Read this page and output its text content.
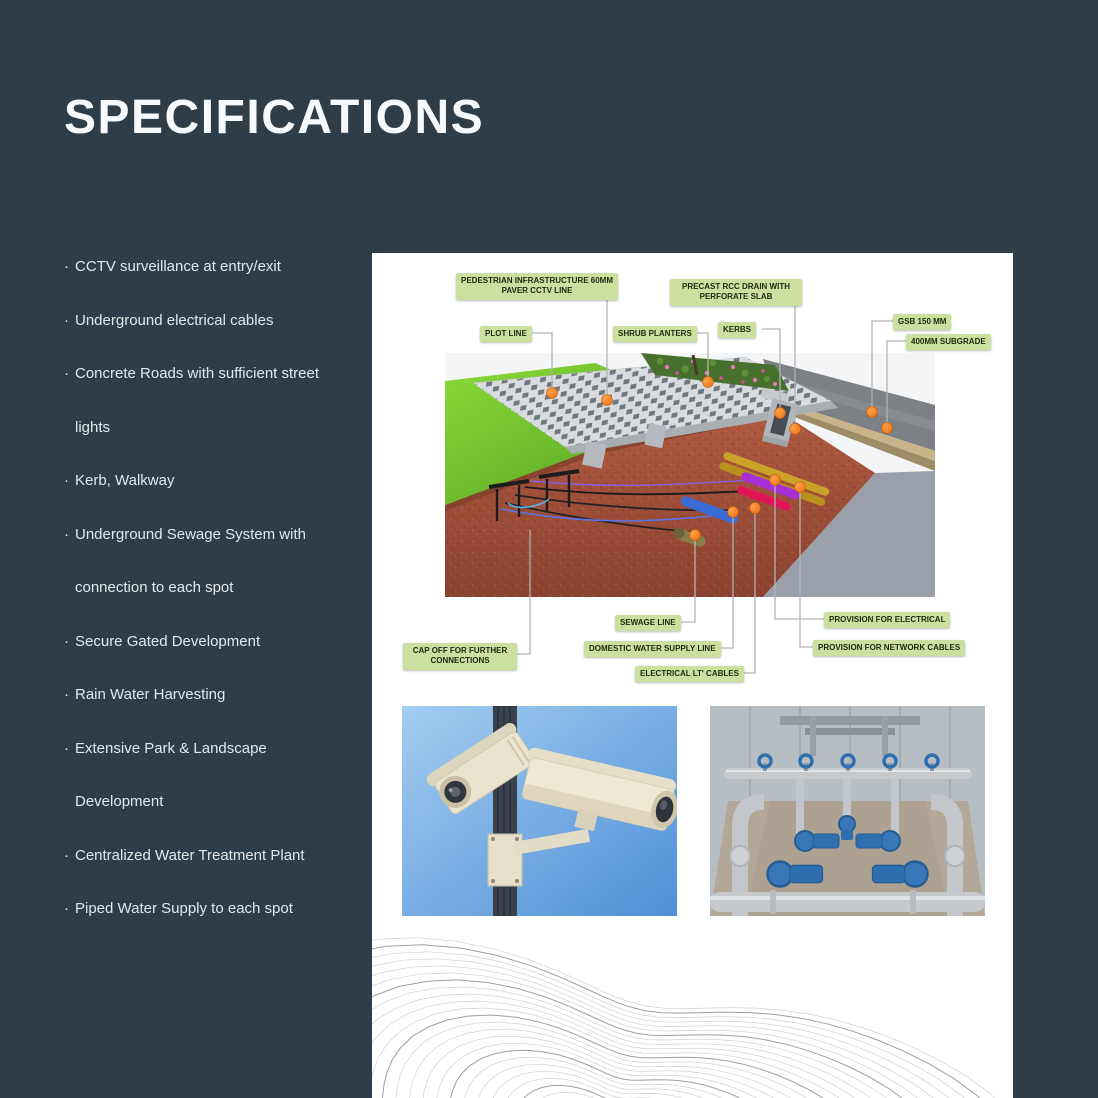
SPECIFICATIONS
· CCTV surveillance at entry/exit
· Underground electrical cables
· Concrete Roads with sufficient street lights
· Kerb, Walkway
· Underground Sewage System with connection to each spot
· Secure Gated Development
· Rain Water Harvesting
· Extensive Park & Landscape Development
· Centralized Water Treatment Plant
· Piped Water Supply to each spot
PEDESTRIAN INFRASTRUCTURE 60MM PAVER CCTV LINE	PRECAST RCC DRAIN WITH PERFORATE SLAB
PLOT LINE	SHRUB PLANTERS	KERBS
GSB 150 MM
400MM SUBGRADE
SEWAGE LINE
CAP OFF FOR FURTHER CONNECTIONS
DOMESTIC WATER SUPPLY LINE
ELECTRICAL LT' CABLES
PROVISION FOR ELECTRICAL
PROVISION FOR NETWORK CABLES
